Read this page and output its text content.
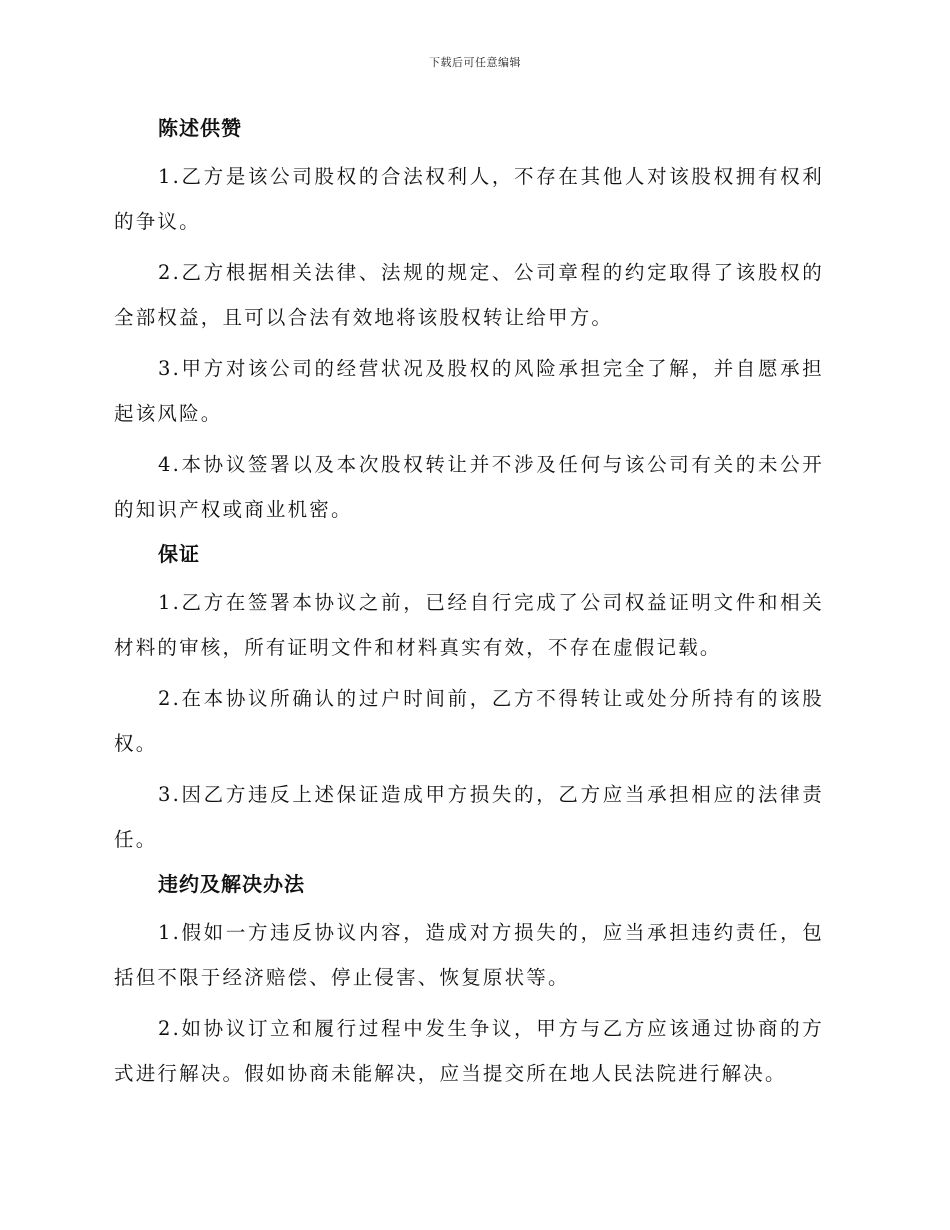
下载后可任意编辑
陈述供赞

1.乙方是该公司股权的合法权利人，不存在其他人对该股权拥有权利的争议。

2.乙方根据相关法律、法规的规定、公司章程的约定取得了该股权的全部权益，且可以合法有效地将该股权转让给甲方。

3.甲方对该公司的经营状况及股权的风险承担完全了解，并自愿承担起该风险。

4.本协议签署以及本次股权转让并不涉及任何与该公司有关的未公开的知识产权或商业机密。

保证

1.乙方在签署本协议之前，已经自行完成了公司权益证明文件和相关材料的审核，所有证明文件和材料真实有效，不存在虚假记载。

2.在本协议所确认的过户时间前，乙方不得转让或处分所持有的该股权。

3.因乙方违反上述保证造成甲方损失的，乙方应当承担相应的法律责任。

违约及解决办法

1.假如一方违反协议内容，造成对方损失的，应当承担违约责任，包括但不限于经济赔偿、停止侵害、恢复原状等。

2.如协议订立和履行过程中发生争议，甲方与乙方应该通过协商的方式进行解决。假如协商未能解决，应当提交所在地人民法院进行解决。
